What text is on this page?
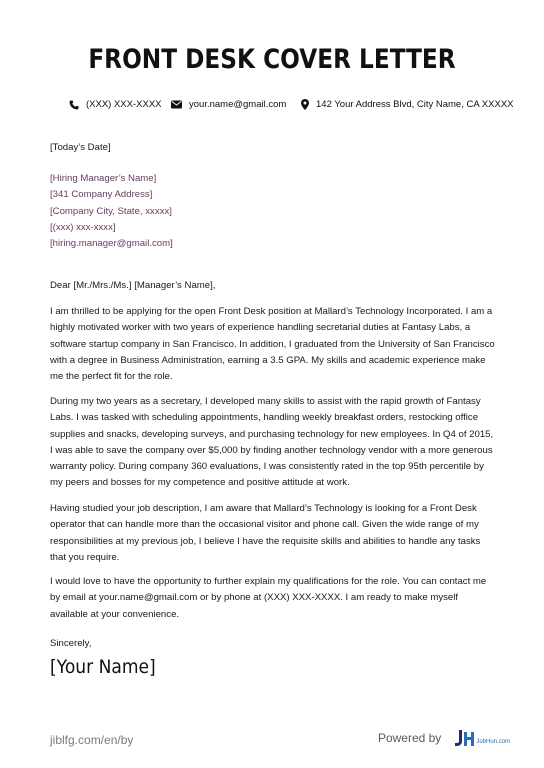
FRONT DESK COVER LETTER
(XXX) XXX-XXXX	your.name@gmail.com	142 Your Address Blvd, City Name, CA XXXXX
[Today’s Date]
[Hiring Manager’s Name]
[341 Company Address]
[Company City, State, xxxxx]
[(xxx) xxx-xxxx]
[hiring.manager@gmail.com]
Dear [Mr./Mrs./Ms.] [Manager’s Name],
I am thrilled to be applying for the open Front Desk position at Mallard’s Technology Incorporated. I am a highly motivated worker with two years of experience handling secretarial duties at Fantasy Labs, a software startup company in San Francisco. In addition, I graduated from the University of San Francisco with a degree in Business Administration, earning a 3.5 GPA. My skills and academic experience make me the perfect fit for the role.
During my two years as a secretary, I developed many skills to assist with the rapid growth of Fantasy Labs. I was tasked with scheduling appointments, handling weekly breakfast orders, restocking office supplies and snacks, developing surveys, and purchasing technology for new employees. In Q4 of 2015, I was able to save the company over $5,000 by finding another technology vendor with a more generous warranty policy. During company 360 evaluations, I was consistently rated in the top 95th percentile by my peers and bosses for my competence and positive attitude at work.
Having studied your job description, I am aware that Mallard’s Technology is looking for a Front Desk operator that can handle more than the occasional visitor and phone call. Given the wide range of my responsibilities at my previous job, I believe I have the requisite skills and abilities to handle any tasks that you require.
I would love to have the opportunity to further explain my qualifications for the role. You can contact me by email at your.name@gmail.com or by phone at (XXX) XXX-XXXX. I am ready to make myself available at your convenience.
Sincerely,
[Your Name]
jiblfg.com/en/by	Powered by	JobHun.com
